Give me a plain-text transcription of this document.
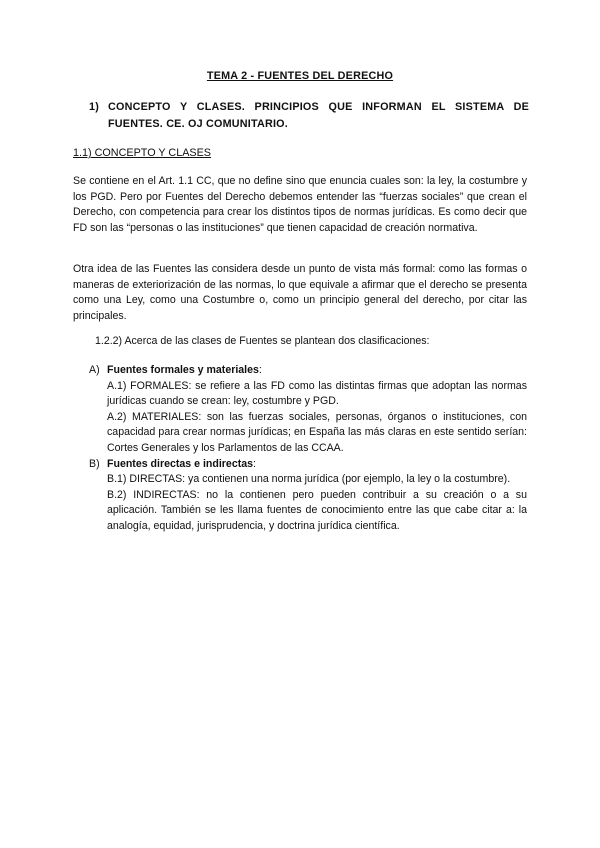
TEMA 2 - FUENTES DEL DERECHO
1) CONCEPTO Y CLASES. PRINCIPIOS QUE INFORMAN EL SISTEMA DE FUENTES. CE. OJ COMUNITARIO.
1.1) CONCEPTO Y CLASES

Se contiene en el Art. 1.1 CC, que no define sino que enuncia cuales son: la ley, la costumbre y los PGD. Pero por Fuentes del Derecho debemos entender las “fuerzas sociales” que crean el Derecho, con competencia para crear los distintos tipos de normas jurídicas. Es como decir que FD son las “personas o las instituciones” que tienen capacidad de creación normativa.

Otra idea de las Fuentes las considera desde un punto de vista más formal: como las formas o maneras de exteriorización de las normas, lo que equivale a afirmar que el derecho se presenta como una Ley, como una Costumbre o, como un principio general del derecho, por citar las principales.

1.2.2) Acerca de las clases de Fuentes se plantean dos clasificaciones:
A) Fuentes formales y materiales:
A.1) FORMALES: se refiere a las FD como las distintas firmas que adoptan las normas jurídicas cuando se crean: ley, costumbre y PGD.
A.2) MATERIALES: son las fuerzas sociales, personas, órganos o instituciones, con capacidad para crear normas jurídicas; en España las más claras en este sentido serían: Cortes Generales y los Parlamentos de las CCAA.
B) Fuentes directas e indirectas:
B.1) DIRECTAS: ya contienen una norma jurídica (por ejemplo, la ley o la costumbre).
B.2) INDIRECTAS: no la contienen pero pueden contribuir a su creación o a su aplicación. También se les llama fuentes de conocimiento entre las que cabe citar a: la analogía, equidad, jurisprudencia, y doctrina jurídica científica.
